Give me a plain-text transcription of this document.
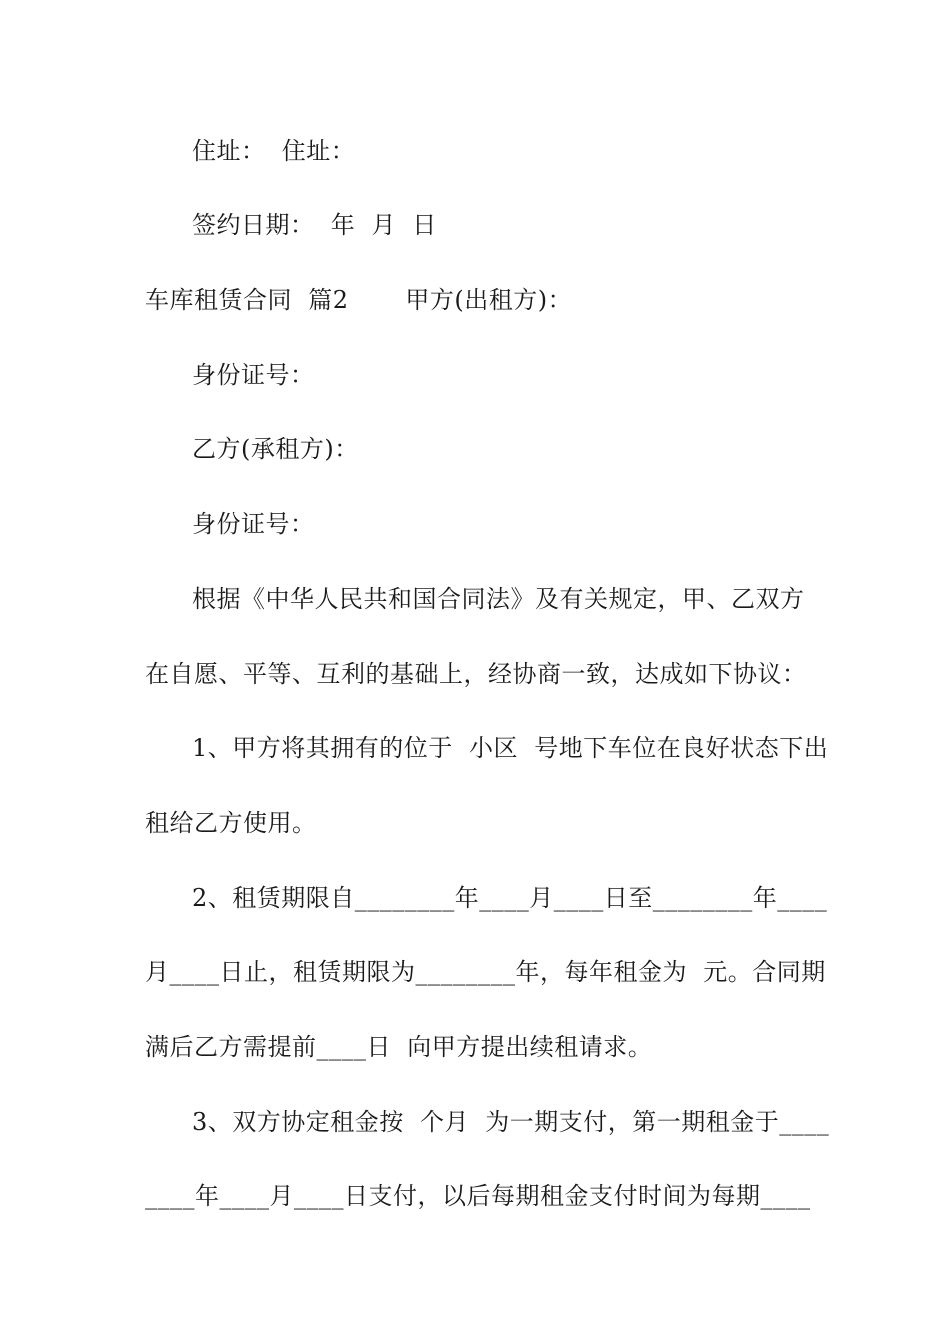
住址：  住址：
签约日期：  年  月  日
车库租赁合同  篇2       甲方(出租方)：
身份证号：
乙方(承租方)：
身份证号：
根据《中华人民共和国合同法》及有关规定，甲、乙双方
在自愿、平等、互利的基础上，经协商一致，达成如下协议：
1、甲方将其拥有的位于  小区  号地下车位在良好状态下出
租给乙方使用。
2、租赁期限自________年____月____日至________年____
月____日止，租赁期限为________年，每年租金为  元。合同期
满后乙方需提前____日  向甲方提出续租请求。
3、双方协定租金按  个月  为一期支付，第一期租金于____
____年____月____日支付，以后每期租金支付时间为每期____
